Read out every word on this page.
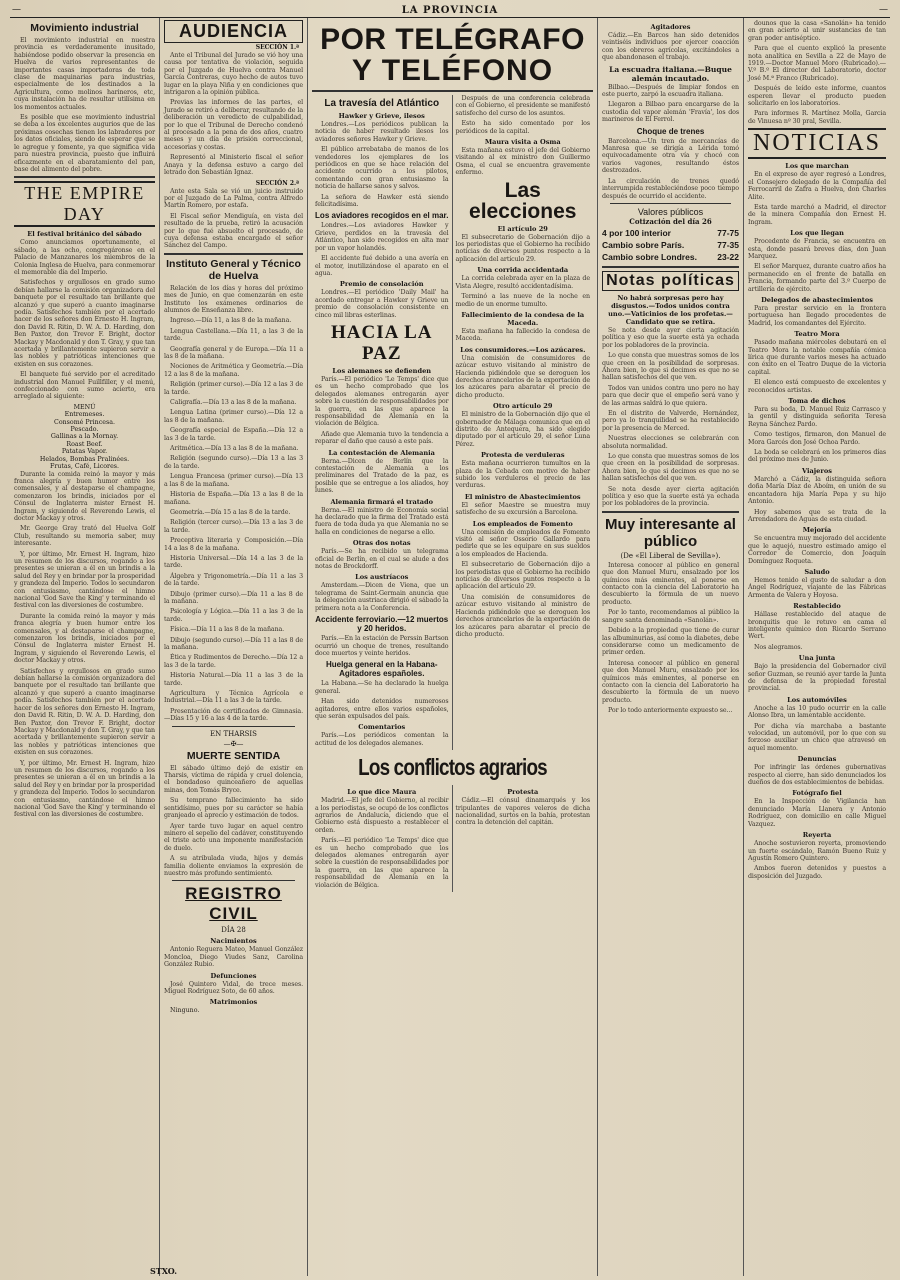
—	LA PROVINCIA	—
Movimiento industrial

El movimiento industrial en nuestra provincia es verdaderamente inusitado, habiéndose podido observar la presencia en Huelva de varios representantes de importantes casas importadoras de toda clase de maquinarias para industrias, especialmente de los destinados a la Agricultura, como molinos harineros, etc, cuya instalación ha de resultar utilísima en los momentos actuales.

Es posible que ese movimiento industrial se deba a los excelentes augurios que de las próximas cosechas tienen los labradores por los datos oficiales, siendo de esperar que se le agregue y fomente, ya que significa vida para nuestra provincia, puesto que influirá eficazmente en el abaratamiento del pan, base del alimento del pobre.

THE EMPIRE DAY
El festival británico del sábado

Como anunciamos oportunamente, el sábado, a las ocho, congregáronse en el Palacio de Manzanares los miembros de la Colonia Inglesa de Huelva, para conmemorar el memorable día del Imperio.

Satisfechos y orgullosos en grado sumo debían hallarse la comisión organizadora del banquete por el resultado tan brillante que alcanzó y que superó a cuanto imaginarse podía. Satisfechos también por el acertado hacer de los señores don Ernesto H. Ingram, don David R. Ritin, D. W. A. D. Harding, don Ben Paxtor, don Trevor F. Bright, doctor Mackay y Macdonald y don T. Gray, y que tan acertada y brillantemente supieron servir a las nobles y patrióticas intenciones que existen en sus corazones.

El banquete fué servido por el acreditado industrial don Manuel Fuillfiller, y el menú, confeccionado con sumo acierto, era arreglado al siguiente:

MENÚ
Entremeses.
Consomé Princesa.
Pescado.
Gallinas a la Mornay.
Roast Beef.
Patatas Vapor.
Helados, Bombas Pralinées.
Frutas, Café, Licores.

Durante la comida reinó la mayor y más franca alegría y buen humor entre los comensales, y al destaparse el champagne, comenzaron los brindis, iniciados por el Cónsul de Inglaterra mister Ernest H. Ingram, y siguiendo el Reverendo Lewis, el doctor Mackay y otros.

Mr. George Gray trató del Huelva Golf Club, resultando su memoria saber, muy interesante.

Y, por último, Mr. Ernest H. Ingram, hizo un resumen de los discursos, rogando a los presentes se unieran a él en un brindis a la salud del Rey y en brindar por la prosperidad y grandeza del Imperio. Todos lo secundaron con entusiasmo, cantándose el himno nacional 'God Save the King' y terminando el festival con las diversiones de costumbre.

Durante la comida reinó la mayor y más franca alegría y buen humor entre los comensales, y al destaparse el champagne, comenzaron los brindis, iniciados por el Cónsul de Inglaterra mister Ernest H. Ingram, y siguiendo el Reverendo Lewis, el doctor Mackay y otros.

Satisfechos y orgullosos en grado sumo debían hallarse la comisión organizadora del banquete por el resultado tan brillante que alcanzó y que superó a cuanto imaginarse podía. Satisfechos también por el acertado hacer de los señores don Ernesto H. Ingram, don David R. Ritin, D. W. A. D. Harding, don Ben Paxtor, don Trevor F. Bright, doctor Mackay y Macdonald y don T. Gray, y que tan acertada y brillantemente supieron servir a las nobles y patrióticas intenciones que existen en sus corazones.

Y, por último, Mr. Ernest H. Ingram, hizo un resumen de los discursos, rogando a los presentes se unieran a él en un brindis a la salud del Rey y en brindar por la prosperidad y grandeza del Imperio. Todos lo secundaron con entusiasmo, cantándose el himno nacional 'God Save the King' y terminando el festival con las diversiones de costumbre.

AUDIENCIA
SECCIÓN 1.ª

Ante el Tribunal del Jurado se vió hoy una causa por tentativa de violación, seguida por el Juzgado de Huelva contra Manuel García Contreras, cuyo hecho de autos tuvo lugar en la playa Niña y en condiciones que intrigaron a la opinión pública.

Previas las informes de las partes, el Jurado se retiró a deliberar, resultando de la deliberación un veredicto de culpabilidad, por lo que el Tribunal de Derecho condenó al procesado a la pena de dos años, cuatro meses y un día de prisión correccional, accesorias y costas.

Representó al Ministerio fiscal el señor Anaya y la defensa estuvo a cargo del letrado don Sebastián Ignaz.

SECCIÓN 2.ª

Ante esta Sala se vió un juicio instruido por el Juzgado de La Palma, contra Alfredo Martín Romero, por estafa.

El Fiscal señor Mendiguía, en vista del resultado de la prueba, retiró la acusación por lo que fué absuelto el procesado, de cuya defensa estaba encargado el señor Sánchez del Campo.

Instituto General y Técnico de Huelva

Relación de los días y horas del próximo mes de Junio, en que comenzarán en este Instituto los exámenes ordinarios de alumnos de Enseñanza libre.

Ingreso.—Día 11, a las 8 de la mañana.

Lengua Castellana.—Día 11, a las 3 de la tarde.

Geografía general y de Europa.—Día 11 a las 8 de la mañana.

Nociones de Aritmética y Geometría.—Día 12 a las 8 de la mañana.

Religión (primer curso).—Día 12 a las 3 de la tarde.

Caligrafía.—Día 13 a las 8 de la mañana.

Lengua Latina (primer curso).—Día 12 a las 8 de la mañana.

Geografía especial de España.—Día 12 a las 3 de la tarde.

Aritmética.—Día 13 a las 8 de la mañana.

Religión (segundo curso).—Día 13 a las 3 de la tarde.

Lengua Francesa (primer curso).—Día 13 a las 8 de la mañana.

Historia de España.—Día 13 a las 8 de la mañana.

Geometría.—Día 15 a las 8 de la tarde.

Religión (tercer curso).—Día 13 a las 3 de la tarde.

Preceptiva literaria y Composición.—Día 14 a las 8 de la mañana.

Historia Universal.—Día 14 a las 3 de la tarde.

Álgebra y Trigonometría.—Día 11 a las 3 de la tarde.

Dibujo (primer curso).—Día 11 a las 8 de la mañana.

Psicología y Lógica.—Día 11 a las 3 de la tarde.

Física.—Día 11 a las 8 de la mañana.

Dibujo (segundo curso).—Día 11 a las 8 de la mañana.

Ética y Rudimentos de Derecho.—Día 12 a las 3 de la tarde.

Historia Natural.—Día 11 a las 3 de la tarde.

Agricultura y Técnica Agrícola e Industrial.—Día 11 a las 3 de la tarde.

Presentación de certificados de Gimnasia.—Días 15 y 16 a las 4 de la tarde.

EN THARSIS
—✠—
MUERTE SENTIDA

El sábado último dejó de existir en Tharsis, víctima de rápida y cruel dolencia, el bondadoso quinceañero de aquellas minas, don Tomás Bryce.

Su temprano fallecimiento ha sido sentidísimo, pues por su carácter se había granjeado el aprecio y estimación de todos.

Ayer tarde tuvo lugar en aquel centro minero el sepelio del cadáver, constituyendo el triste acto una imponente manifestación de duelo.

A su atribulada viuda, hijos y demás familia doliente enviamos la expresión de nuestro más profundo sentimiento.

REGISTRO CIVIL
DÍA 28
Nacimientos

Antonio Reguera Mateo, Manuel González Moncloa, Diego Viudes Sanz, Carolina González Rubio.

Defunciones

José Quintero Vidal, de trece meses. Miguel Rodríguez Soto, de 60 años.

Matrimonios

Ninguno.

POR TELÉGRAFO
Y TELÉFONO
La travesía del Atlántico
Hawker y Grieve, ilesos

Londres.—Los periódicos publican la noticia de haber resultado ilesos los aviadores señores Hawker y Grieve.

El público arrebataba de manos de los vendedores los ejemplares de los periódicos en que se hace relación del accidente ocurrido a los pilotos, comentando con gran entusiasmo la noticia de hallarse sanos y salvos.

La señora de Hawker está siendo felicitadísima.

Los aviadores recogidos en el mar.

Londres.—Los aviadores Hawker y Grieve, perdidos en la travesía del Atlántico, han sido recogidos en alta mar por un vapor holandés.

El accidente fué debido a una avería en el motor, inutilizándose el aparato en el agua.

Premio de consolación

Londres.—El periódico 'Daily Mail' ha acordado entregar a Hawker y Grieve un premio de consolación consistente en cinco mil libras esterlinas.

HACIA LA PAZ
Los alemanes se defienden

París.—El periódico 'Le Temps' dice que es un hecho comprobado que los delegados alemanes entregarán ayer sobre la cuestión de responsabilidades por la guerra, en las que aparece la responsabilidad de Alemania en la violación de Bélgica.

Añade que Alemania tuvo la tendencia a reparar el daño que causó a este país.

La contestación de Alemania

Berna.—Dicen de Berlín que la contestación de Alemania a los preliminares del Tratado de la paz, es posible que se entregue a los aliados, hoy lunes.

Alemania firmará el tratado

Berna.—El ministro de Economía social ha declarado que la firma del Tratado está fuera de toda duda ya que Alemania no se halla en condiciones de negarse a ello.

Otras dos notas

París.—Se ha recibido un telegrama oficial de Berlín, en el cual se alude a dos notas de Brockdorff.

Los austríacos

Amsterdam.—Dicen de Viena, que un telegrama de Saint-Germain anuncia que la delegación austriaca dirigió el sábado la primera nota a la Conferencia.

Accidente ferroviario.—12 muertos y 20 heridos.

París.—En la estación de Perssin Bartson ocurrió un choque de trenes, resultando doce muertos y veinte heridos.

Huelga general en la Habana-Agitadores españoles.

La Habana.—Se ha declarado la huelga general.

Han sido detenidos numerosos agitadores, entre ellos varios españoles, que serán expulsados del país.

Comentarios

París.—Los periódicos comentan la actitud de los delegados alemanes.

Después de una conferencia celebrada con el Gobierno, el presidente se manifestó satisfecho del curso de los asuntos.

Esto ha sido comentado por los periódicos de la capital.

Maura visita a Osma

Esta mañana estuvo el jefe del Gobierno visitando al ex ministro don Guillermo Osma, el cual se encuentra gravemente enfermo.

Las elecciones
El artículo 29

El subsecretario de Gobernación dijo a los periodistas que el Gobierno ha recibido noticias de diversos puntos respecto a la aplicación del artículo 29.

Una corrida accidentada

La corrida celebrada ayer en la plaza de Vista Alegre, resultó accidentadísima.

Terminó a las nueve de la noche en medio de un enorme tumulto.

Fallecimiento de la condesa de la Maceda.

Esta mañana ha fallecido la condesa de Maceda.

Los consumidores.—Los azúcares.

Una comisión de consumidores de azúcar estuvo visitando al ministro de Hacienda pidiéndole que se deroguen los derechos arancelarios de la exportación de los azúcares para abaratar el precio de dicho producto.

Otro artículo 29

El ministro de la Gobernación dijo que el gobernador de Málaga comunica que en el distrito de Antequera, ha sido elegido diputado por el artículo 29, el señor Luna Pérez.

Protesta de verduleras

Esta mañana ocurrieron tumultos en la plaza de la Cebada con motivo de haber subido los verduleros el precio de las verduras.

El ministro de Abastecimientos

El señor Maestre se muestra muy satisfecho de su excursión a Barcelona.

Los empleados de Fomento

Una comisión de empleados de Fomento visitó al señor Ossorio Gallardo para pedirle que se les equipare en sus sueldos a los empleados de Hacienda.

El subsecretario de Gobernación dijo a los periodistas que el Gobierno ha recibido noticias de diversos puntos respecto a la aplicación del artículo 29.

Una comisión de consumidores de azúcar estuvo visitando al ministro de Hacienda pidiéndole que se deroguen los derechos arancelarios de la exportación de los azúcares para abaratar el precio de dicho producto.

Los conflictos agrarios
Lo que dice Maura

Madrid.—El jefe del Gobierno, al recibir a los periodistas, se ocupó de los conflictos agrarios de Andalucía, diciendo que el Gobierno está dispuesto a restablecer el orden.

París.—El periódico 'Le Temps' dice que es un hecho comprobado que los delegados alemanes entregarán ayer sobre la cuestión de responsabilidades por la guerra, en las que aparece la responsabilidad de Alemania en la violación de Bélgica.

Protesta

Cádiz.—El cónsul dinamarqués y los tripulantes de vapores veleros de dicha nacionalidad, surtos en la bahía, protestan contra la detención del capitán.

Agitadores

Cádiz.—En Barcos han sido detenidos veintiséis individuos por ejercer coacción con los obreros agrícolas, excitándoles a que abandonasen el trabajo.

La escuadra italiana.—Buque alemán incautado.

Bilbao.—Después de limpiar fondos en este puerto, zarpó la escuadra italiana.

Llegaron a Bilbao para encargarse de la custodia del vapor alemán 'Fravía', los dos marineros de El Ferrol.

Choque de trenes

Barcelona.—Un tren de mercancías de Manresa que se dirigía a Lérida tomó equivocadamente otra vía y chocó con varios vagones, resultando éstos destrozados.

La circulación de trenes quedó interrumpida restableciéndose poco tiempo después de ocurrido el accidente.

Valores públicos
Cotización del día 26
4 por 100 interior	77-75
Cambio sobre París.	77-35
Cambio sobre Londres. 23-22
Notas políticas
No habrá sorpresas pero hay disgustos.—Todos unidos contra uno.—Vaticinios de los profetas.—Candidato que se retira.

Se nota desde ayer cierta agitación política y eso que la suerte está ya echada por los pobladores de la provincia.

Lo que consta que muestras somos de los que creen en la posibilidad de sorpresas. Ahora bien, lo que si decimos es que no se hallan satisfechos del que ven.

Todos van unidos contra uno pero no hay para que decir que el empeño será vano y de las armas saldrá lo que quiera.

En el distrito de Valverde, Hernández, pero ya lo tranquilidad se ha restablecido por la presencia de Merced.

Nuestras elecciones se celebrarán con absoluta normalidad.

Lo que consta que muestras somos de los que creen en la posibilidad de sorpresas. Ahora bien, lo que si decimos es que no se hallan satisfechos del que ven.

Se nota desde ayer cierta agitación política y eso que la suerte está ya echada por los pobladores de la provincia.

Muy interesante al público
(De «El Liberal de Sevilla»).

Interesa conocer al público en general que don Manuel Muru, ensalzado por los químicos más eminentes, al ponerse en contacto con la ciencia del Laboratorio ha descubierto la fórmula de un nuevo producto.

Por lo tanto, recomendamos al público la sangre santa denominada «Sanolán».

Debido a la propiedad que tiene de curar las albuminurias, así como la diabetes, debe considerarse como un medicamento de primer orden.

Interesa conocer al público en general que don Manuel Muru, ensalzado por los químicos más eminentes, al ponerse en contacto con la ciencia del Laboratorio ha descubierto la fórmula de un nuevo producto.

Por lo todo anteriormente expuesto se...

dounos que la casa «Sanolán» ha tenido en gran acierto al unir sustancias de tan gran poder antiséptico.

Para que el cuento explicó la presente nota analítica en Sevilla a 22 de Mayo de 1919.—Doctor Manuel Moro (Rubricado).—V.º B.º El director del Laboratorio, doctor José M.ª Franco (Rubricado).

Después de leído este informe, cuantos esperen llevar el producto pueden solicitarlo en los laboratorios.

Para informes R. Martínez Molla, Garcia de Vinuesa nº 30 pral, Sevilla.

NOTICIAS
Los que marchan

En el expreso de ayer regresó a Londres, el Consejero delegado de la Compañía del Ferrocarril de Zafra a Huelva, don Charles Alite.

Esta tarde marchó a Madrid, el director de la minera Compañía don Ernest H. Ingram.

Los que llegan

Procedente de Francia, se encuentra en esta, donde pasará breves días, don Juan Marquez.

El señor Marquez, durante cuatro años ha permanecido en el frente de batalla en Francia, formando parte del 3.º Cuerpo de artillería de ejército.

Delegados de abastecimientos

Para prestar servicio en la frontera portuguesa han llegado procedentes de Madrid, los comandantes del Ejército.

Teatro Mora

Pasado mañana miércoles debutará en el Teatro Mora la notable compañía cómica lírica que durante varios meses ha actuado con éxito en el Teatro Duque de la victoria capital.

El elenco está compuesto de excelentes y reconocidos artistas.

Toma de dichos

Para su boda, D. Manuel Ruiz Carrasco y la gentil y distinguida señorita Teresa Reyna Sánchez Pardo.

Como testigos, firmaron, don Manuel de Mora Garcés don José Ochoa Pardo.

La boda se celebrará en los primeros días del próximo mes de Junio.

Viajeros

Marchó a Cádiz, la distinguida señora doña María Díaz de Aboím, en unión de su encantadora hija María Pepa y su hijo Antonio.

Hoy sabemos que se trata de la Arrendadora de Aguas de esta ciudad.

Mejoría

Se encuentra muy mejorado del accidente que le aquejó, nuestro estimado amigo el Corredor de Comercio, don Joaquín Domínguez Roqueta.

Saludo

Hemos tenido el gusto de saludar a don Ángel Rodríguez, viajante de las Fábricas Armenta de Valera y Hoyosa.

Restablecido

Hállase restablecido del ataque de bronquitis que le retuvo en cama el inteligente químico don Ricardo Serrano Wert.

Nos alegramos.

Una junta

Bajo la presidencia del Gobernador civil señor Guzman, se reunió ayer tarde la Junta de defensa de la propiedad forestal provincial.

Los automóviles

Anoche a las 10 pudo ocurrir en la calle Alonso Ibra, un lamentable accidente.

Por dicha vía marchaba a bastante velocidad, un automóvil, por lo que con su forzoso auxiliar un chico que atravesó en aquel momento.

Denuncias

Por infringir las órdenes gubernativas respecto al cierre, han sido denunciados los dueños de dos establecimientos de bebidas.

Fotógrafo fiel

En la Inspección de Vigilancia han denunciado María Llanera y Antonio Rodríguez, con domicilio en calle Miguel Vazquez.

Reyerta

Anoche sostuvieron reyerta, promoviendo un fuerte escándalo, Ramón Bueno Ruiz y Agustín Romero Quintero.

Ambos fueron detenidos y puestos a disposición del Juzgado.

STXO.
